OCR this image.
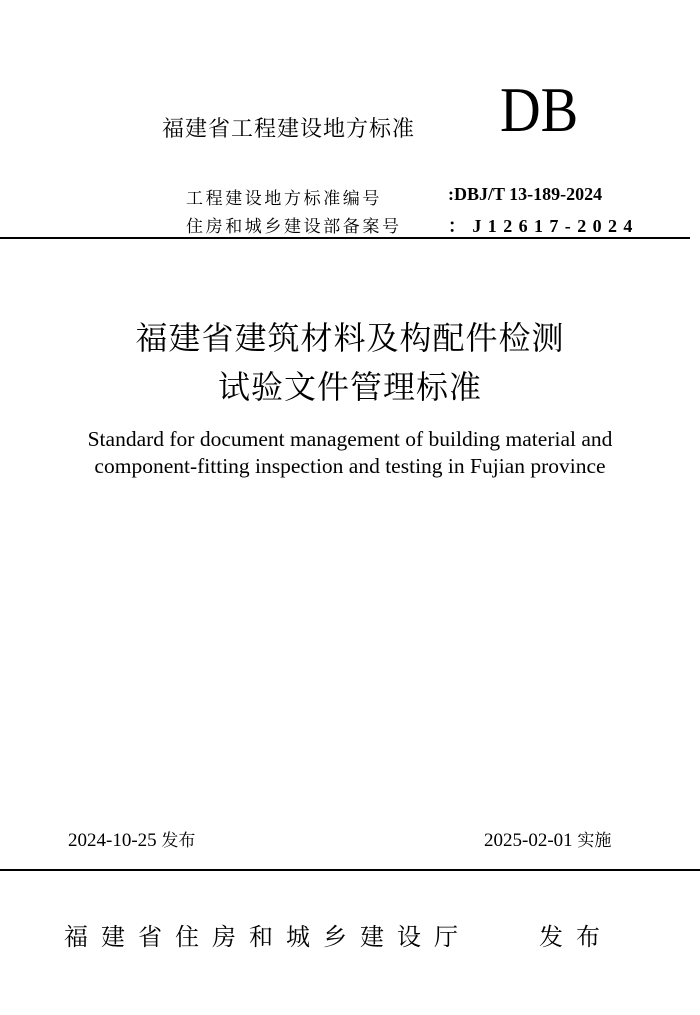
福建省工程建设地方标准 DB
工程建设地方标准编号	:DBJ/T 13-189-2024
住房和城乡建设部备案号	：J12617-2024
福建省建筑材料及构配件检测
试验文件管理标准
Standard for document management of building material and
component-fitting inspection and testing in Fujian province
2024-10-25 发布	2025-02-01 实施
福建省住房和城乡建设厅	发布
